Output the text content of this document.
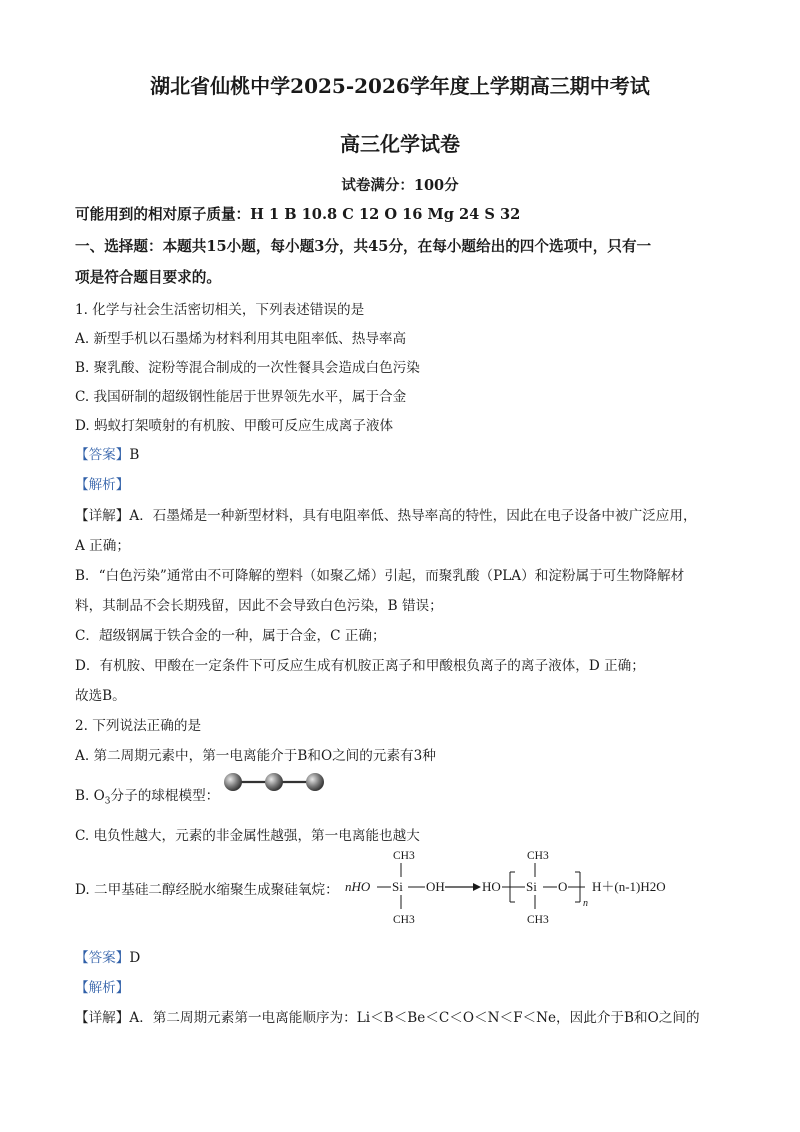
湖北省仙桃中学2025-2026学年度上学期高三期中考试
高三化学试卷
试卷满分：100分
可能用到的相对原子质量：H 1 B 10.8 C 12 O 16 Mg 24 S 32
一、选择题：本题共15小题，每小题3分，共45分，在每小题给出的四个选项中，只有一
项是符合题目要求的。
1. 化学与社会生活密切相关，下列表述错误的是
A. 新型手机以石墨烯为材料利用其电阻率低、热导率高
B. 聚乳酸、淀粉等混合制成的一次性餐具会造成白色污染
C. 我国研制的超级钢性能居于世界领先水平，属于合金
D. 蚂蚁打架喷射的有机胺、甲酸可反应生成离子液体
【答案】B
【解析】
【详解】A．石墨烯是一种新型材料，具有电阻率低、热导率高的特性，因此在电子设备中被广泛应用，
A 正确；
B．“白色污染”通常由不可降解的塑料（如聚乙烯）引起，而聚乳酸（PLA）和淀粉属于可生物降解材
料，其制品不会长期残留，因此不会导致白色污染，B 错误；
C．超级钢属于铁合金的一种，属于合金，C 正确；
D．有机胺、甲酸在一定条件下可反应生成有机胺正离子和甲酸根负离子的离子液体，D 正确；
故选B。
2. 下列说法正确的是
A. 第二周期元素中，第一电离能介于B和O之间的元素有3种
B. $O_3$分子的球棍模型：
C. 电负性越大，元素的非金属性越强，第一电离能也越大
D. 二甲基硅二醇经脱水缩聚生成聚硅氧烷： nHO Si
CH3
CH3
OH	HO Si
CH3
CH3
O
n
H＋(n-1)H2O
【答案】D
【解析】
【详解】A．第二周期元素第一电离能顺序为：Li＜B＜Be＜C＜O＜N＜F＜Ne，因此介于B和O之间的
